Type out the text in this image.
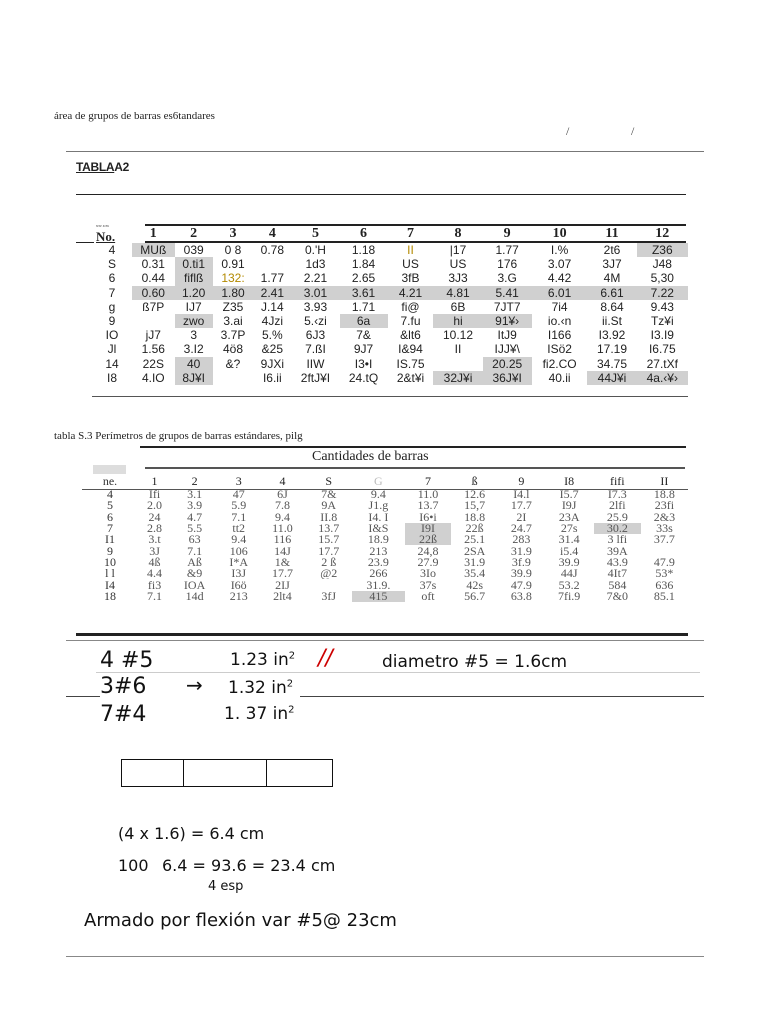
área de grupos de barras es6tandares
/	/
TABLAA2
ww a m
No.
	1	2	3	4	5	6	7	8	9	10	11	12
4	MUß	039	0 8	0.78	0.'H	1.18	II	|17	1.77	I.%	2t6	Z36
S	0.31	0.ti1	0.91		1d3	1.84	US	US	176	3.07	3J7	J48
6	0.44	fiflß	132:	1.77	2.21	2.65	3fB	3J3	3.G	4.42	4M	5,30
7	0.60	1.20	1.80	2.41	3.01	3.61	4.21	4.81	5.41	6.01	6.61	7.22
g	ß7P	IJ7	Z35	J.14	3.93	1.71	fi@	6B	7JT7	7i4	8.64	9.43
9		zwo	3.ai	4Jzi	5.‹zi	6a	7.fu	hi	91¥›	io.‹n	ii.St	Tz¥i
IO	jJ7	3	3.7P	5.%	6J3	7&	&lt6	10.12	ItJ9	I166	I3.92	I3.I9
Jl	1.56	3.I2	4ö8	&25	7.ßI	9J7	I&94	II	IJJ¥\	ISö2	17.19	I6.75
14	22S	40	&?	9JXi	IIW	I3•I	IS.75		20.25	fi2.CO	34.75	27.tXf
I8	4.IO	8J¥I		I6.ii	2ftJ¥I	24.tQ	2&t¥i	32J¥i	36J¥I	40.ii	44J¥i	4a.‹¥›
tabla S.3 Perímetros de grupos de barras estándares, pilg
Cantidades de barras
ne.	1	2	3	4	S	G	7	ß	9	I8	fifi	II
4	Ifi	3.1	47	6J	7&	9.4	11.0	12.6	I4.l	I5.7	I7.3	18.8
5	2.0	3.9	5.9	7.8	9A	J1.g	13.7	15,7	17.7	I9J	2lfi	23fi
6	24	4.7	7.1	9.4	II.8	I4. I	I6•i	18.8	2I	23A	25.9	2&3
7	2.8	5.5	tt2	11.0	13.7	I&S	I9I	22ß	24.7	27s	30.2	33s
I1	3.t	63	9.4	116	15.7	18.9	22ß	25.1	283	31.4	3 lfi	37.7
9	3J	7.1	106	14J	17.7	213	24,8	2SA	31.9	i5.4	39A	
10	4ß	Aß	I*A	1&	2 ß	23.9	27.9	31.9	3f.9	39.9	43.9	47.9
l l	4.4	&9	I3J	17.7	@2	266	3Io	35.4	39.9	44J	4It7	53*
I4	fi3	IOA	I6ö	2IJ		31.9.	37s	42s	47.9	53.2	584	636
18	7.1	14d	213	2lt4	3fJ	415	oft	56.7	63.8	7fi.9	7&0	85.1
4 #5	1.23 $in^2$ //	diametro #5 = 1.6cm
3#6 → 1.32 $in^2$
7#4	1. 37 $in^2$
(4 x 1.6) = 6.4 cm
100 6.4 = 93.6 = 23.4 cm
4 esp
Armado por flexión var #5@ 23cm
